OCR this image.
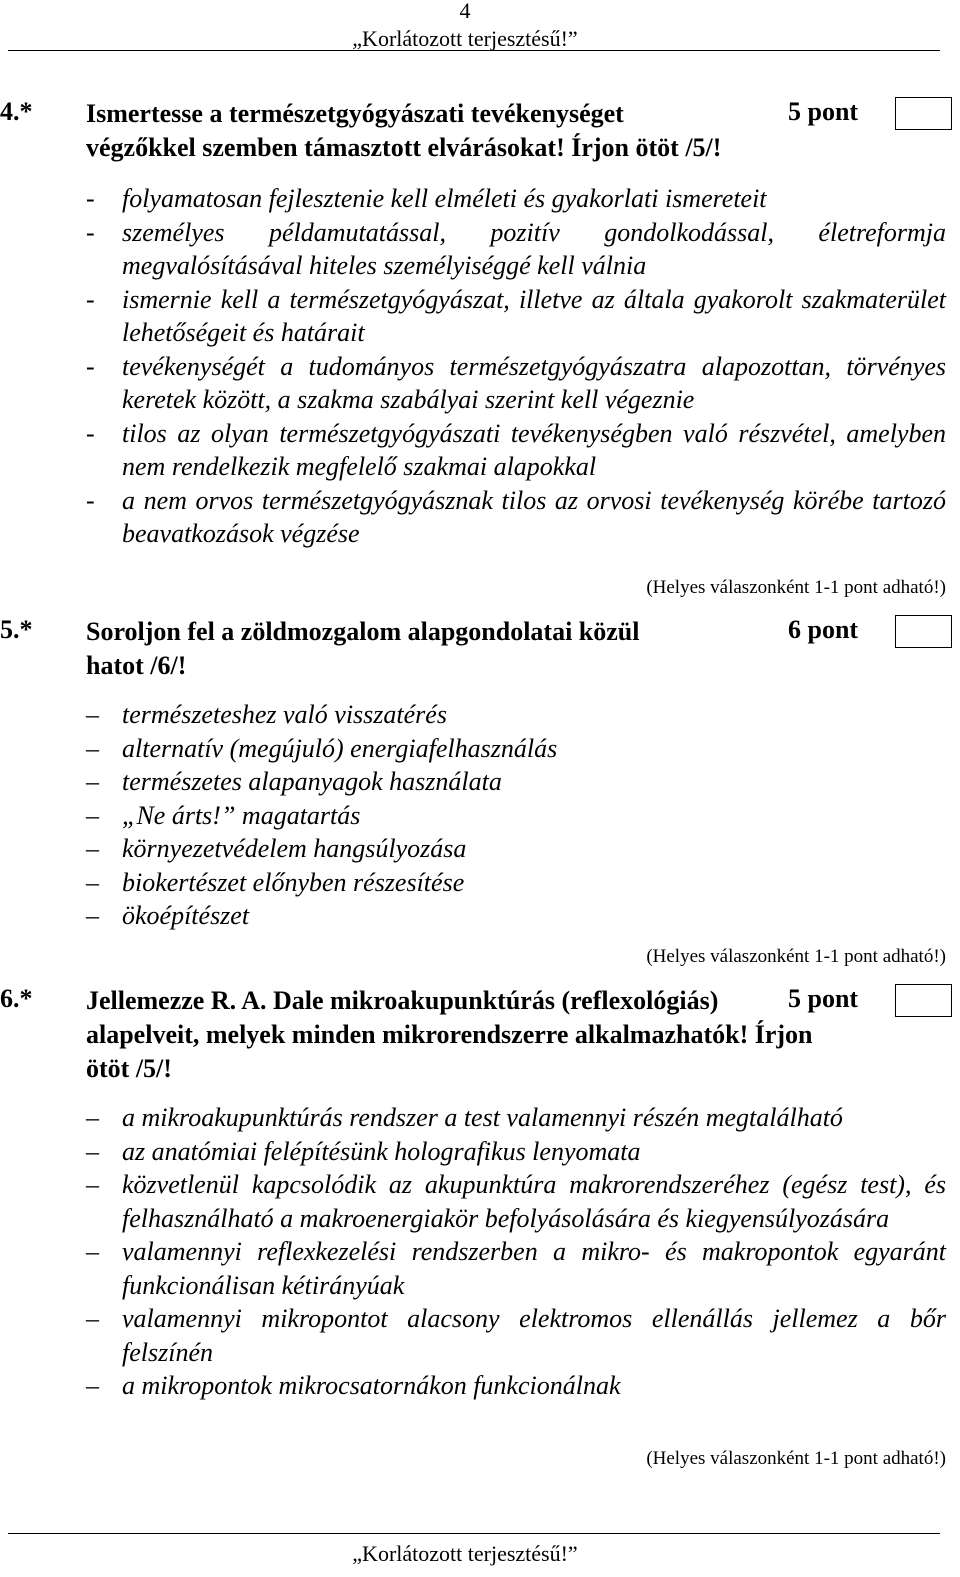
4
„Korlátozott terjesztésű!”
4.* Ismertesse a természetgyógyászati tevékenységet végzőkkel szemben támasztott elvárásokat! Írjon ötöt /5/!
5 pont
- folyamatosan fejlesztenie kell elméleti és gyakorlati ismereteit
- személyes példamutatással, pozitív gondolkodással, életreformja megvalósításával hiteles személyiséggé kell válnia
- ismernie kell a természetgyógyászat, illetve az általa gyakorolt szakmaterület lehetőségeit és határait
- tevékenységét a tudományos természetgyógyászatra alapozottan, törvényes keretek között, a szakma szabályai szerint kell végeznie
- tilos az olyan természetgyógyászati tevékenységben való részvétel, amelyben nem rendelkezik megfelelő szakmai alapokkal
- a nem orvos természetgyógyásznak tilos az orvosi tevékenység körébe tartozó beavatkozások végzése
(Helyes válaszonként 1-1 pont adható!)
5.* Soroljon fel a zöldmozgalom alapgondolatai közül hatot /6/!
6 pont
– természeteshez való visszatérés
– alternatív (megújuló) energiafelhasználás
– természetes alapanyagok használata
– „Ne árts!” magatartás
– környezetvédelem hangsúlyozása
– biokertészet előnyben részesítése
– ökoépítészet
(Helyes válaszonként 1-1 pont adható!)
6.* Jellemezze R. A. Dale mikroakupunktúrás (reflexológiás) alapelveit, melyek minden mikrorendszerre alkalmazhatók! Írjon ötöt /5/!
5 pont
– a mikroakupunktúrás rendszer a test valamennyi részén megtalálható
– az anatómiai felépítésünk holografikus lenyomata
– közvetlenül kapcsolódik az akupunktúra makrorendszeréhez (egész test), és felhasználható a makroenergiakör befolyásolására és kiegyensúlyozására
– valamennyi reflexkezelési rendszerben a mikro- és makropontok egyaránt funkcionálisan kétirányúak
– valamennyi mikropontot alacsony elektromos ellenállás jellemez a bőr felszínén
– a mikropontok mikrocsatornákon funkcionálnak
(Helyes válaszonként 1-1 pont adható!)
„Korlátozott terjesztésű!”
